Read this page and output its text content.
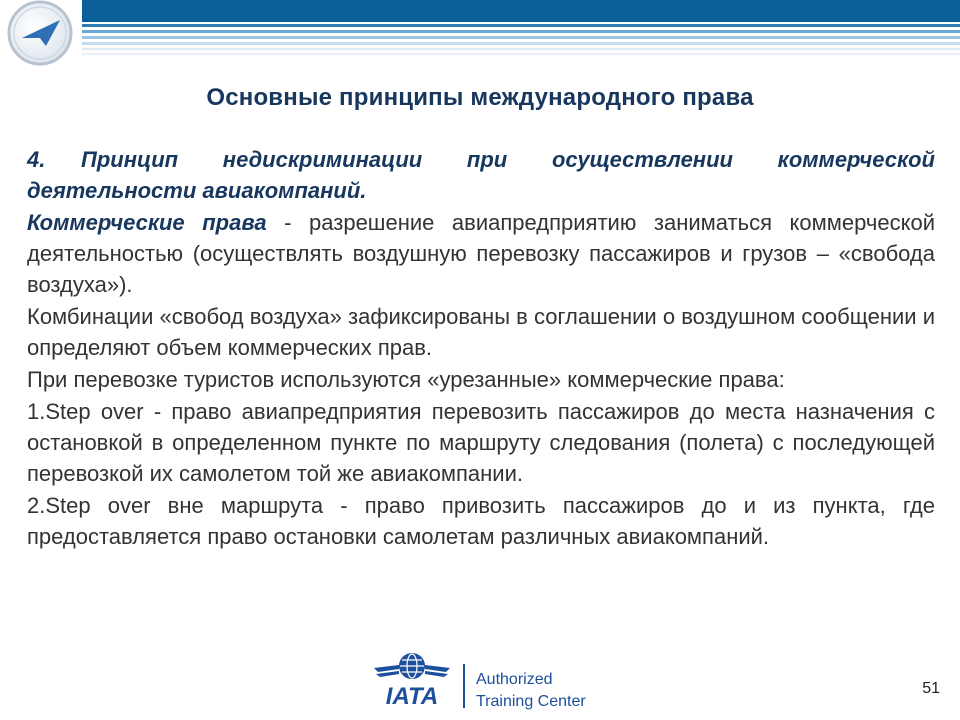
Основные принципы международного права

4. Принцип недискриминации при осуществлении коммерческой деятельности авиакомпаний.

Коммерческие права - разрешение авиапредприятию заниматься коммерческой деятельностью (осуществлять воздушную перевозку пассажиров и грузов – «свобода воздуха»).

Комбинации «свобод воздуха» зафиксированы в соглашении о воздушном сообщении и определяют объем коммерческих прав.

При перевозке туристов используются «урезанные» коммерческие права:

1.Step over - право авиапредприятия перевозить пассажиров до места назначения с остановкой в определенном пункте по маршруту следования (полета) с последующей перевозкой их самолетом той же авиакомпании.

2.Step over вне маршрута - право привозить пассажиров до и из пункта, где предоставляется право остановки самолетам различных авиакомпаний.

IATA
Authorized
Training Center
51
